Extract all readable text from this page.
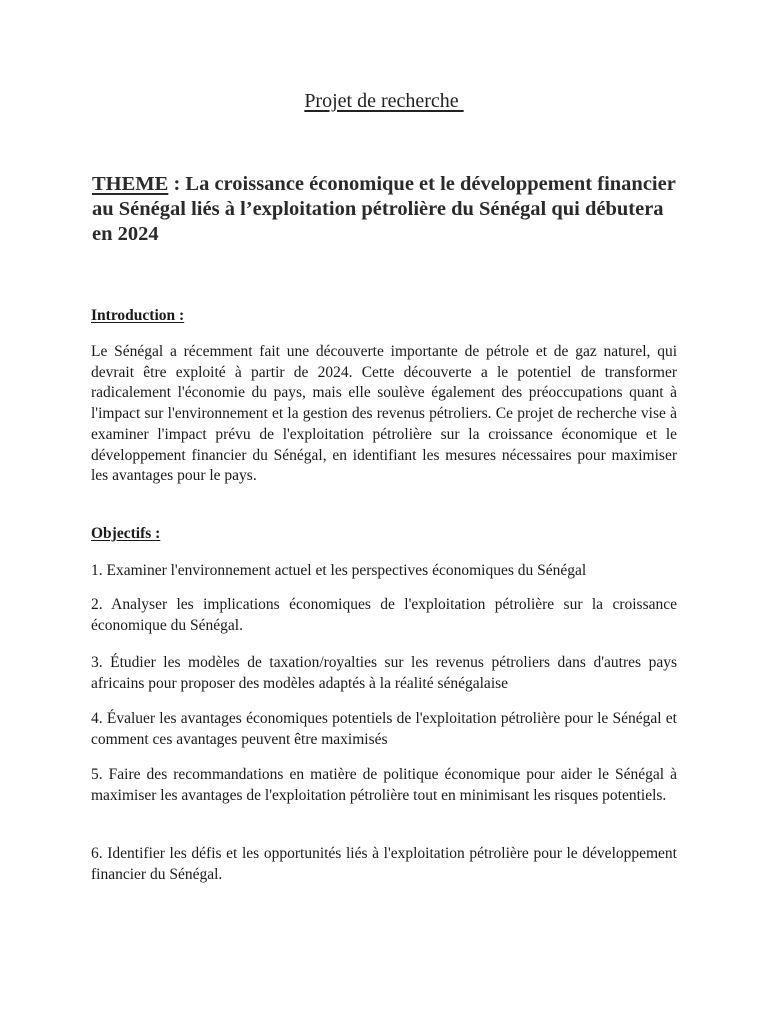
Projet de recherche
THEME : La croissance économique et le développement financier au Sénégal liés à l’exploitation pétrolière du Sénégal qui débutera en 2024
Introduction :

Le Sénégal a récemment fait une découverte importante de pétrole et de gaz naturel, qui devrait être exploité à partir de 2024. Cette découverte a le potentiel de transformer radicalement l'économie du pays, mais elle soulève également des préoccupations quant à l'impact sur l'environnement et la gestion des revenus pétroliers. Ce projet de recherche vise à examiner l'impact prévu de l'exploitation pétrolière sur la croissance économique et le développement financier du Sénégal, en identifiant les mesures nécessaires pour maximiser les avantages pour le pays.

Objectifs :

1. Examiner l'environnement actuel et les perspectives économiques du Sénégal

2. Analyser les implications économiques de l'exploitation pétrolière sur la croissance économique du Sénégal.

3. Étudier les modèles de taxation/royalties sur les revenus pétroliers dans d'autres pays africains pour proposer des modèles adaptés à la réalité sénégalaise

4. Évaluer les avantages économiques potentiels de l'exploitation pétrolière pour le Sénégal et comment ces avantages peuvent être maximisés

5. Faire des recommandations en matière de politique économique pour aider le Sénégal à maximiser les avantages de l'exploitation pétrolière tout en minimisant les risques potentiels.

6. Identifier les défis et les opportunités liés à l'exploitation pétrolière pour le développement financier du Sénégal.
